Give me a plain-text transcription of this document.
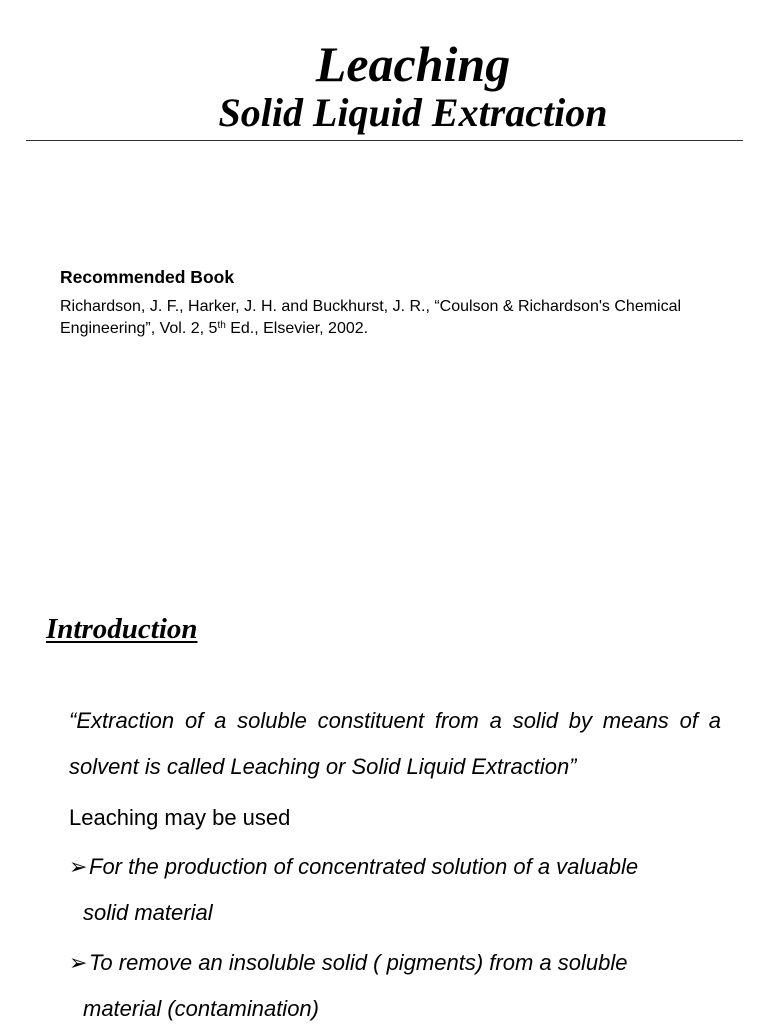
Leaching
Solid Liquid Extraction
Recommended Book
Richardson, J. F., Harker, J. H. and Buckhurst, J. R., “Coulson & Richardson's Chemical Engineering”, Vol. 2, 5th Ed., Elsevier, 2002.
Introduction
“Extraction of a soluble constituent from a solid by means of a solvent is called Leaching or Solid Liquid Extraction”
Leaching may be used
➢ For the production of concentrated solution of a valuable
solid material
➢ To remove an insoluble solid ( pigments) from a soluble
material (contamination)
